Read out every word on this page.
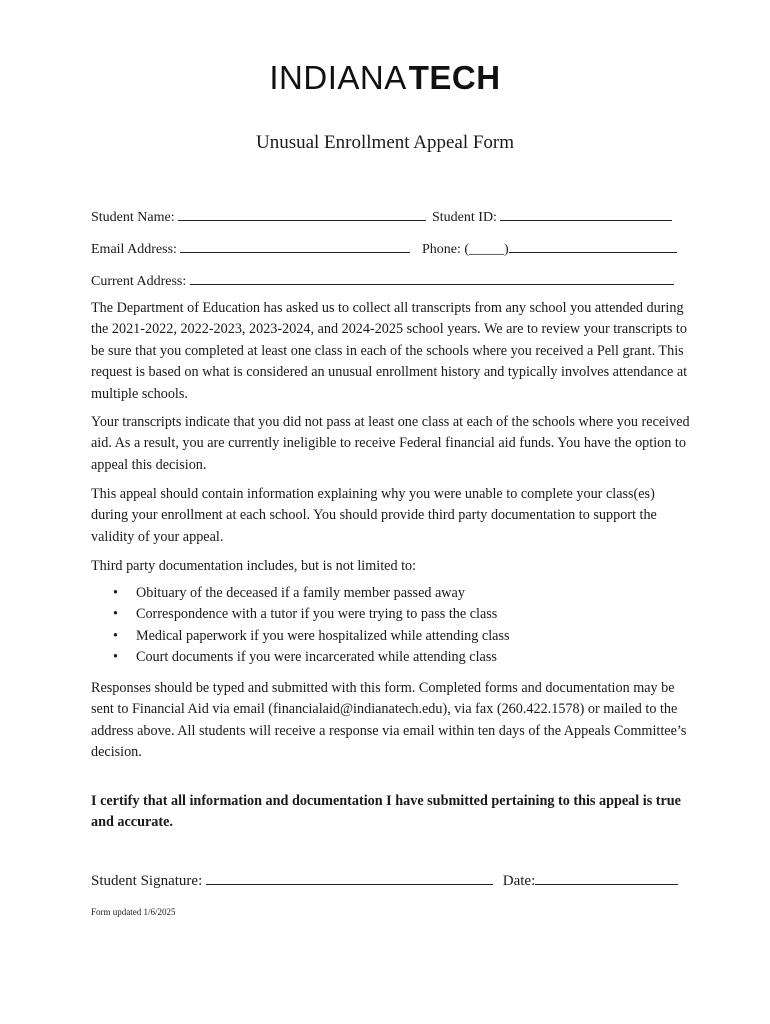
INDIANATECH
Unusual Enrollment Appeal Form
Student Name:	Student ID:
Email Address:	Phone: (_____)
Current Address:

The Department of Education has asked us to collect all transcripts from any school you attended during the 2021-2022, 2022-2023, 2023-2024, and 2024-2025 school years. We are to review your transcripts to be sure that you completed at least one class in each of the schools where you received a Pell grant. This request is based on what is considered an unusual enrollment history and typically involves attendance at multiple schools.

Your transcripts indicate that you did not pass at least one class at each of the schools where you received aid. As a result, you are currently ineligible to receive Federal financial aid funds. You have the option to appeal this decision.

This appeal should contain information explaining why you were unable to complete your class(es) during your enrollment at each school. You should provide third party documentation to support the validity of your appeal.

Third party documentation includes, but is not limited to:

• Obituary of the deceased if a family member passed away
• Correspondence with a tutor if you were trying to pass the class
• Medical paperwork if you were hospitalized while attending class
• Court documents if you were incarcerated while attending class

Responses should be typed and submitted with this form. Completed forms and documentation may be sent to Financial Aid via email (financialaid@indianatech.edu), via fax (260.422.1578) or mailed to the address above. All students will receive a response via email within ten days of the Appeals Committee’s decision.

I certify that all information and documentation I have submitted pertaining to this appeal is true and accurate.
Student Signature:	Date:
Form updated 1/6/2025
